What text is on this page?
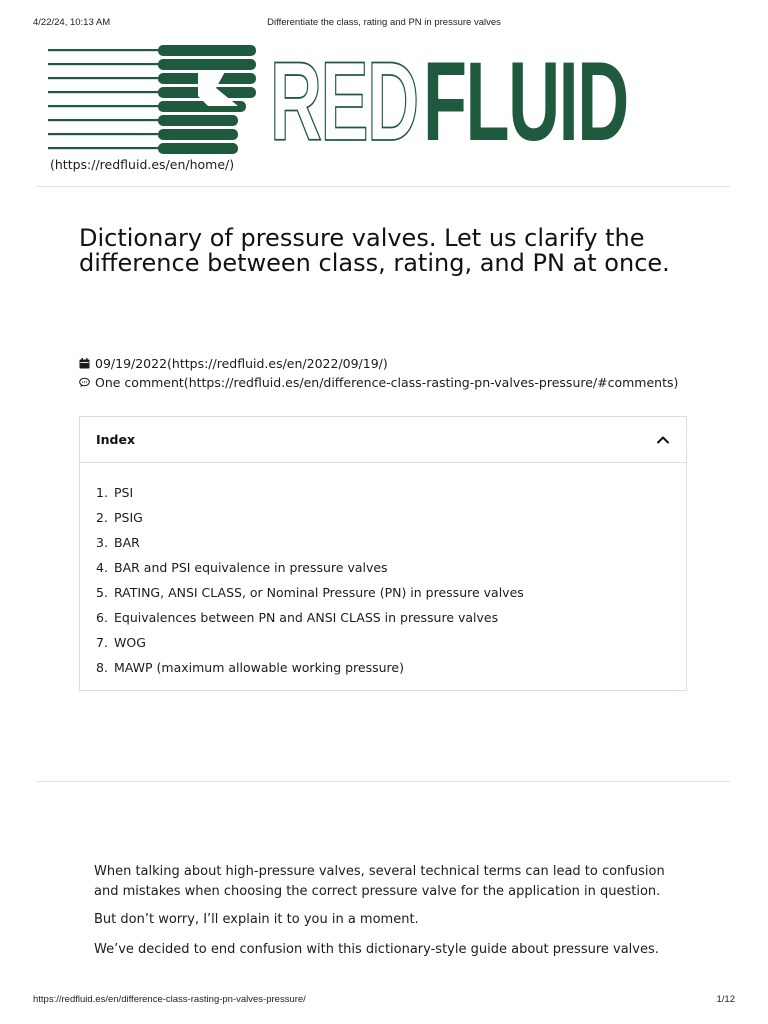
4/22/24, 10:13 AM	Differentiate the class, rating and PN in pressure valves
RED FLUID
(https://redfluid.es/en/home/)
Dictionary of pressure valves. Let us clarify the difference between class, rating, and PN at once.
09/19/2022(https://redfluid.es/en/2022/09/19/)
One comment(https://redfluid.es/en/difference-class-rasting-pn-valves-pressure/#comments)
Index
1. PSI
2. PSIG
3. BAR
4. BAR and PSI equivalence in pressure valves
5. RATING, ANSI CLASS, or Nominal Pressure (PN) in pressure valves
6. Equivalences between PN and ANSI CLASS in pressure valves
7. WOG
8. MAWP (maximum allowable working pressure)

When talking about high-pressure valves, several technical terms can lead to confusion and mistakes when choosing the correct pressure valve for the application in question.

But don’t worry, I’ll explain it to you in a moment.

We’ve decided to end confusion with this dictionary-style guide about pressure valves.

https://redfluid.es/en/difference-class-rasting-pn-valves-pressure/	1/12
